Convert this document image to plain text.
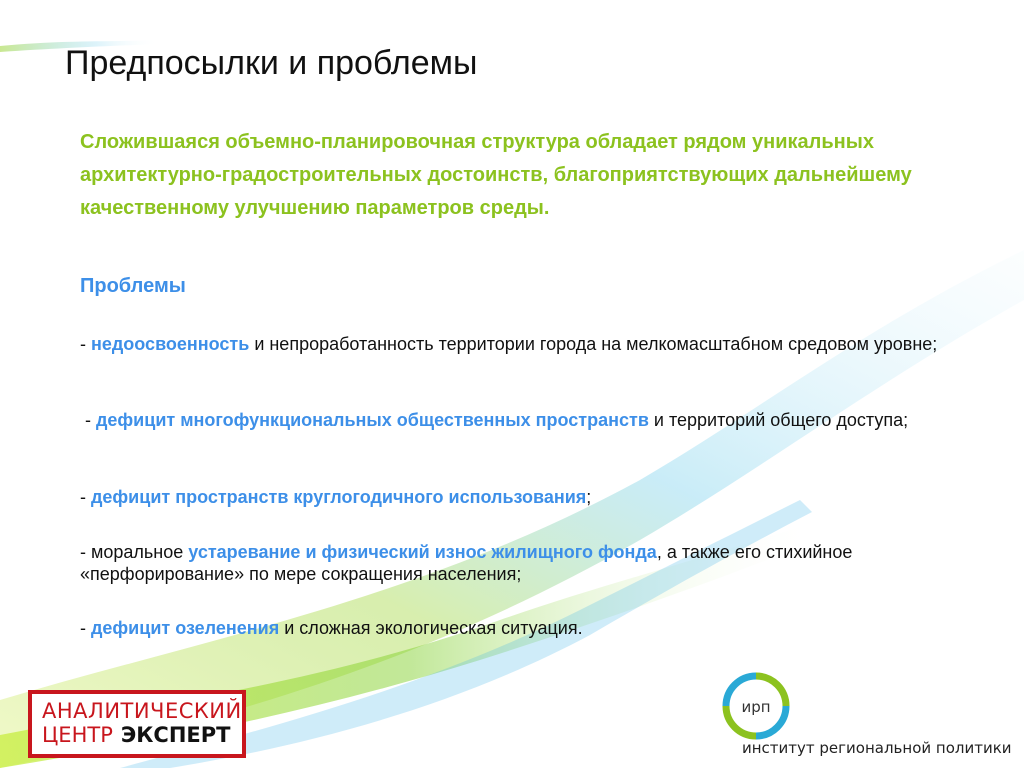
Предпосылки и проблемы
Сложившаяся объемно-планировочная структура обладает рядом уникальных архитектурно-градостроительных достоинств, благоприятствующих дальнейшему качественному улучшению параметров среды.
Проблемы
- недоосвоенность и непроработанность территории города на мелкомасштабном средовом уровне;
- дефицит многофункциональных общественных пространств и территорий общего доступа;
- дефицит пространств круглогодичного использования;
- моральное устаревание и физический износ жилищного фонда, а также его стихийное «перфорирование» по мере сокращения населения;
- дефицит озеленения и сложная экологическая ситуация.
АНАЛИТИЧЕСКИЙ
ЦЕНТР ЭКСПЕРТ
ирп
институт региональной политики
